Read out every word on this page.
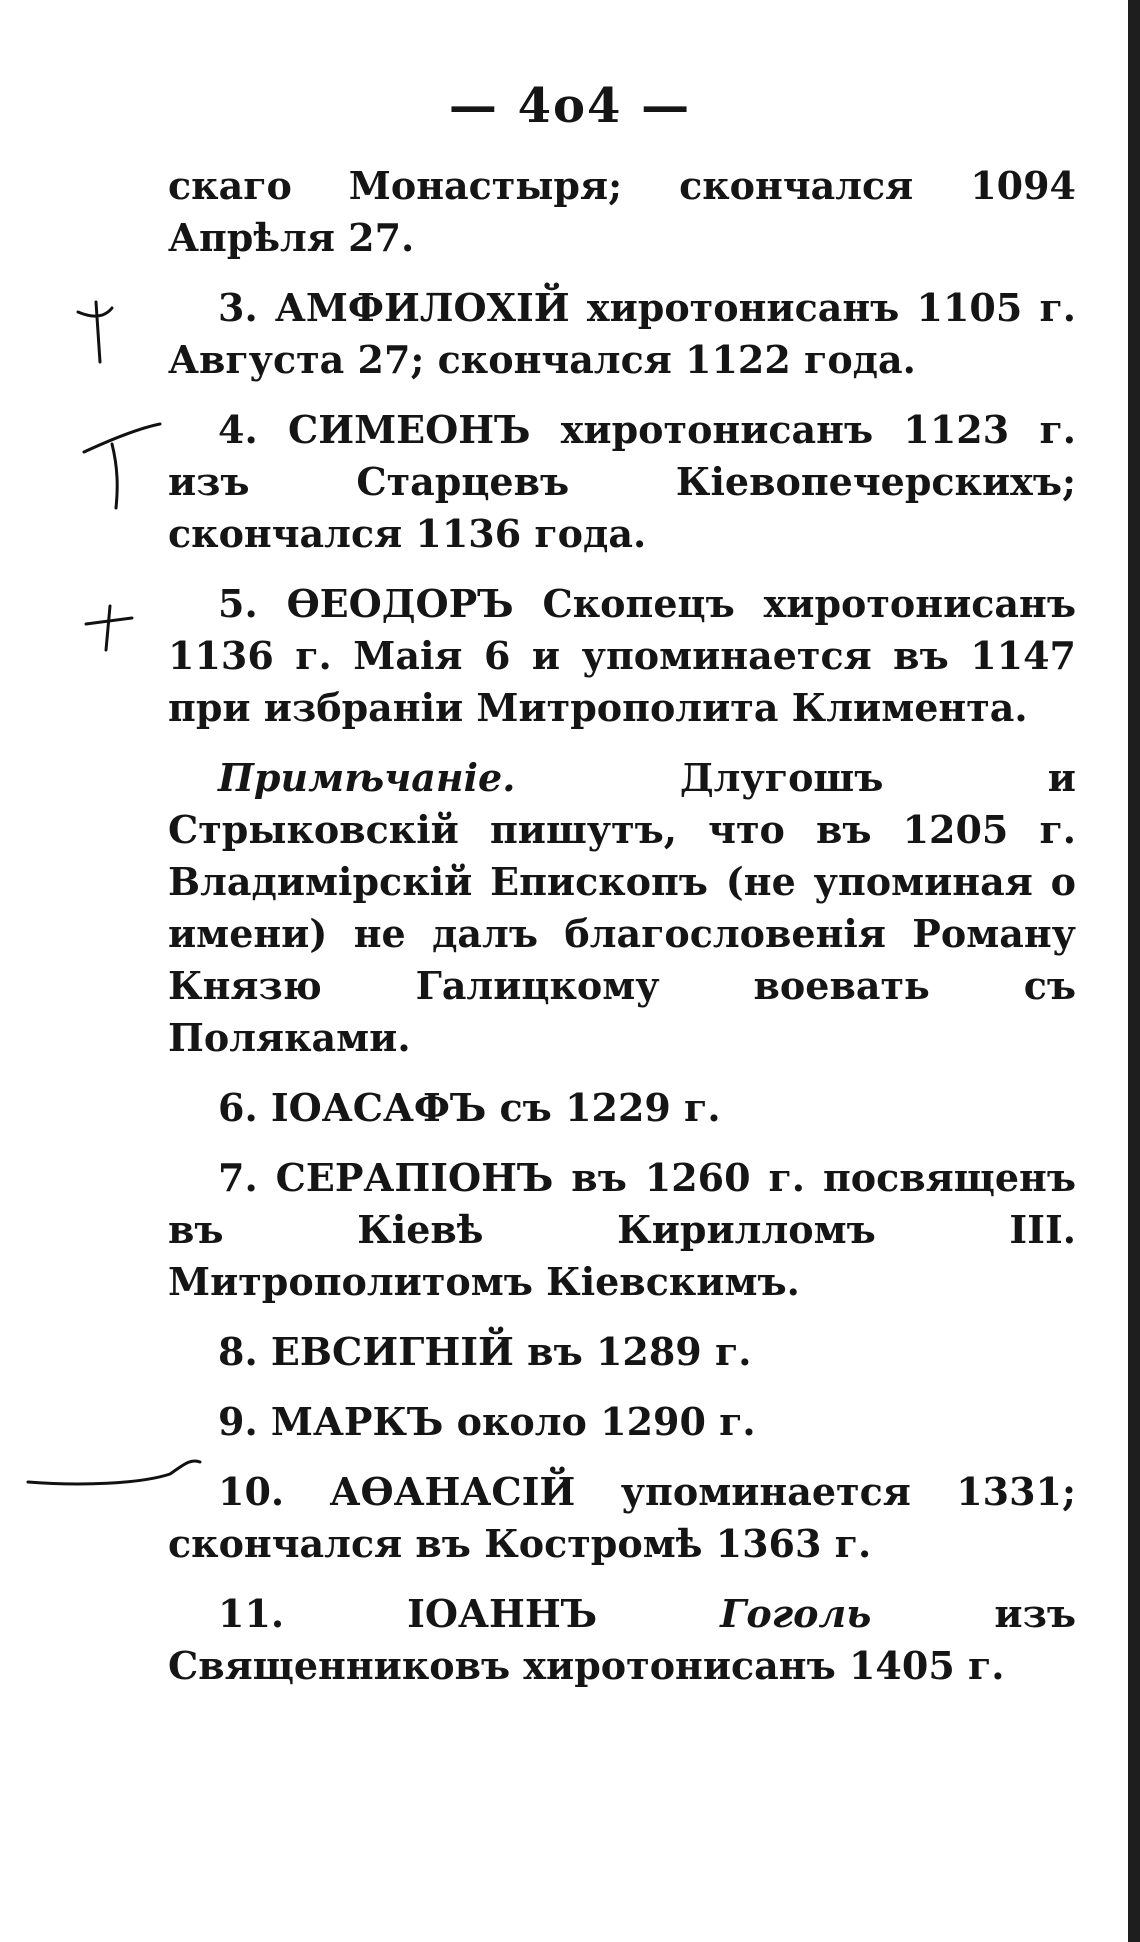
— 4о4 —

скаго Монастыря; скончался 1094 Апрѣля 27.

3. АМФИЛОХІЙ хиротонисанъ 1105 г. Августа 27; скончался 1122 года.

4. СИМЕОНЪ хиротонисанъ 1123 г. изъ Старцевъ Кіевопечерскихъ; скончался 1136 года.

5. ѲЕОДОРЪ Скопецъ хиротонисанъ 1136 г. Маія 6 и упоминается въ 1147 при избраніи Митрополита Климента.

Примѣчаніе.	Длугошъ и Стрыковскій пишутъ, что въ 1205 г. Владимірскій Епископъ (не упоминая о имени) не далъ благословенія Роману Князю Галицкому воевать съ Поляками.

6. ІОАСАФЪ съ 1229 г.

7. СЕРАПІОНЪ въ 1260 г. посвященъ въ Кіевѣ Кирилломъ III. Митрополитомъ Кіевскимъ.

8. ЕВСИГНІЙ въ 1289 г.

9. МАРКЪ около 1290 г.

10. АѲАНАСІЙ упоминается 1331; скончался въ Костромѣ 1363 г.

11. ІОАННЪ Гоголь изъ Священниковъ хиротонисанъ 1405 г.
